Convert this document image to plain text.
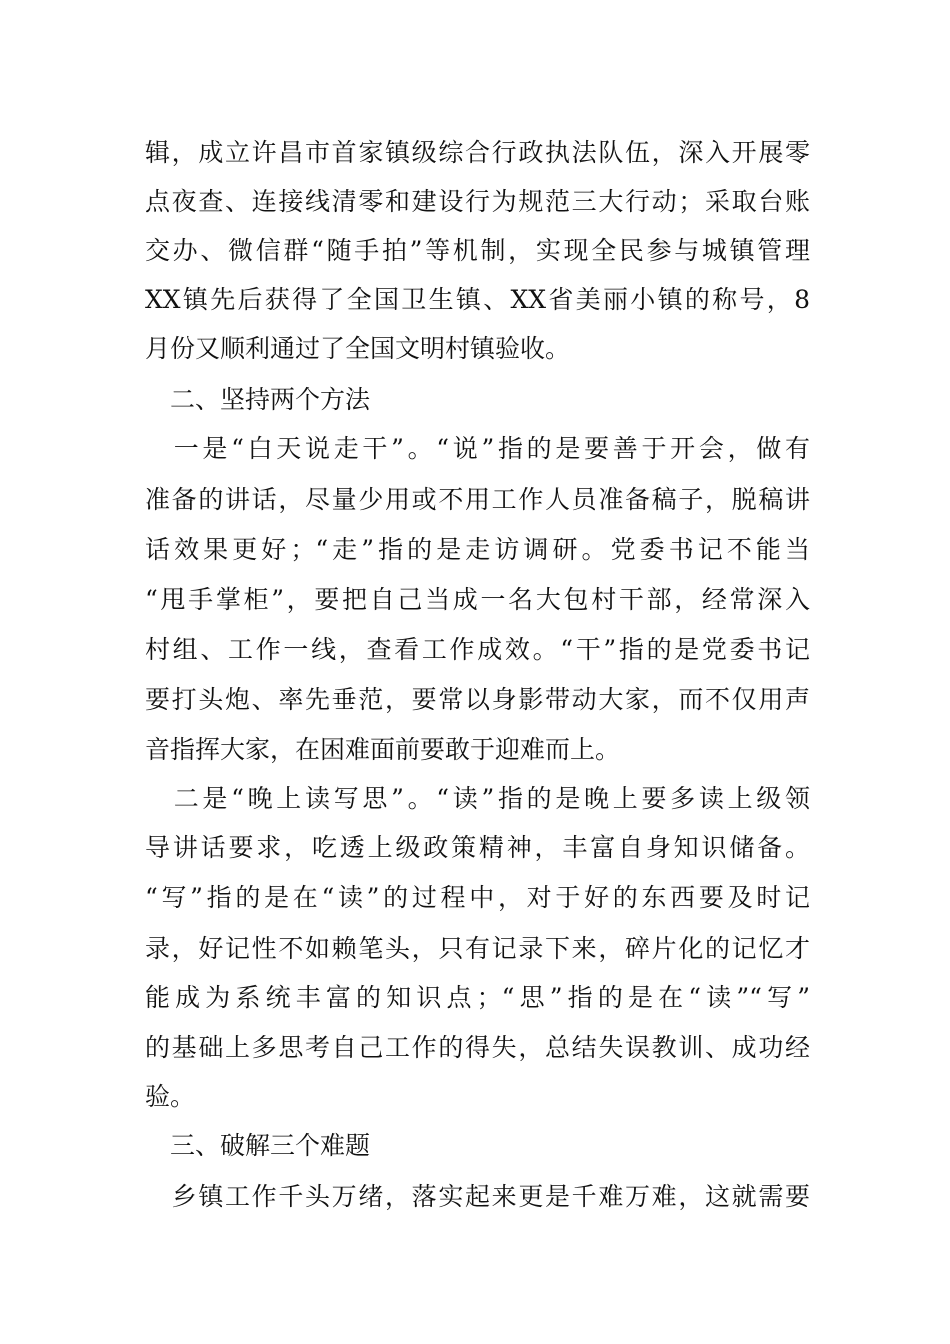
辑，成立许昌市首家镇级综合行政执法队伍，深入开展零
点夜查、连接线清零和建设行为规范三大行动；采取台账
交办、微信群“随手拍”等机制，实现全民参与城镇管理
XX镇先后获得了全国卫生镇、XX省美丽小镇的称号，8
月份又顺利通过了全国文明村镇验收。
　二、坚持两个方法
　一是“白天说走干”。“说”指的是要善于开会，做有
准备的讲话，尽量少用或不用工作人员准备稿子，脱稿讲
话效果更好；“走”指的是走访调研。党委书记不能当
“甩手掌柜”，要把自己当成一名大包村干部，经常深入
村组、工作一线，查看工作成效。“干”指的是党委书记
要打头炮、率先垂范，要常以身影带动大家，而不仅用声
音指挥大家，在困难面前要敢于迎难而上。
　二是“晚上读写思”。“读”指的是晚上要多读上级领
导讲话要求，吃透上级政策精神，丰富自身知识储备。
“写”指的是在“读”的过程中，对于好的东西要及时记
录，好记性不如赖笔头，只有记录下来，碎片化的记忆才
能成为系统丰富的知识点；“思”指的是在“读”“写”
的基础上多思考自己工作的得失，总结失误教训、成功经
验。
　三、破解三个难题
　乡镇工作千头万绪，落实起来更是千难万难，这就需要
